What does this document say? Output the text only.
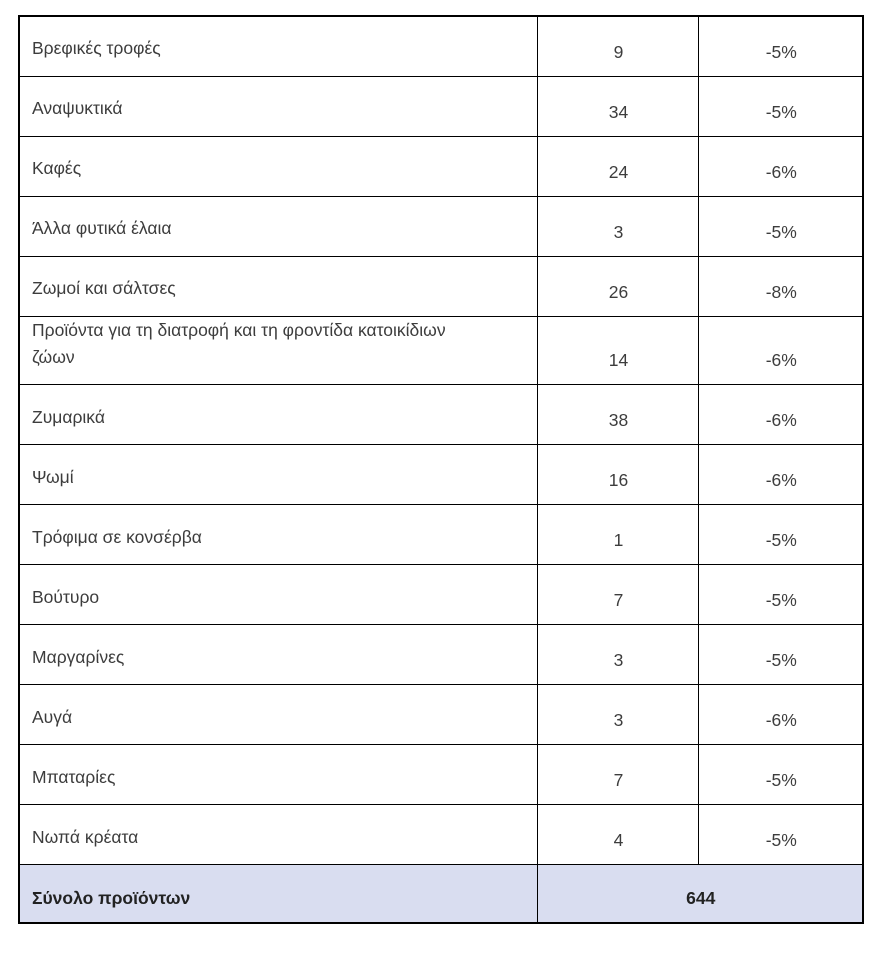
Βρεφικές τροφές	9	-5%
Αναψυκτικά	34	-5%
Καφές	24	-6%
Άλλα φυτικά έλαια	3	-5%
Ζωμοί και σάλτσες	26	-8%
Προϊόντα για τη διατροφή και τη φροντίδα κατοικίδιων ζώων	14	-6%
Ζυμαρικά	38	-6%
Ψωμί	16	-6%
Τρόφιμα σε κονσέρβα	1	-5%
Βούτυρο	7	-5%
Μαργαρίνες	3	-5%
Αυγά	3	-6%
Μπαταρίες	7	-5%
Νωπά κρέατα	4	-5%
Σύνολο προϊόντων	644	
